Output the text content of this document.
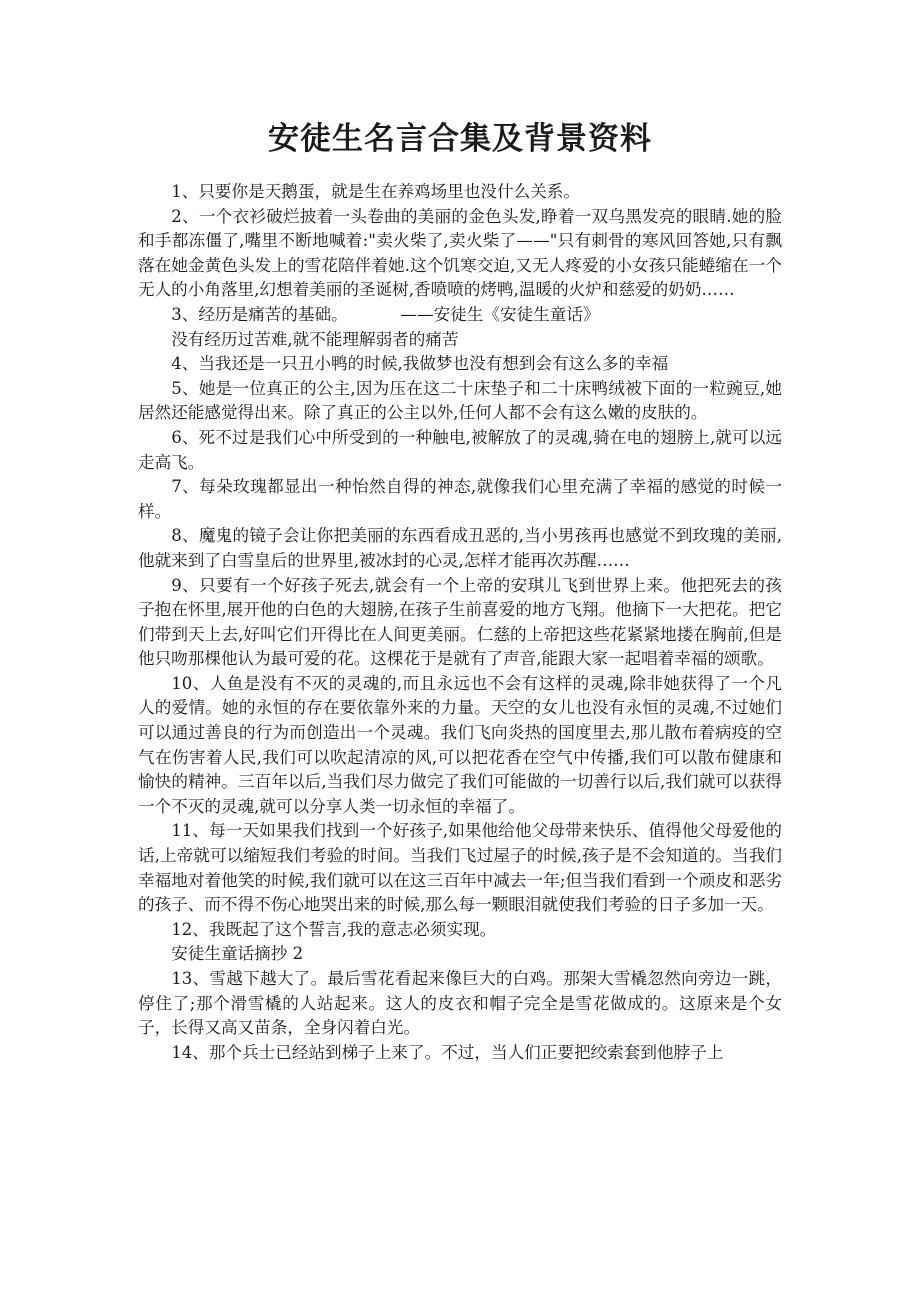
安徒生名言合集及背景资料

1、只要你是天鹅蛋，就是生在养鸡场里也没什么关系。

2、一个衣衫破烂披着一头卷曲的美丽的金色头发,睁着一双乌黑发亮的眼睛.她的脸和手都冻僵了,嘴里不断地喊着:"卖火柴了,卖火柴了——"只有刺骨的寒风回答她,只有飘落在她金黄色头发上的雪花陪伴着她.这个饥寒交迫,又无人疼爱的小女孩只能蜷缩在一个无人的小角落里,幻想着美丽的圣诞树,香喷喷的烤鸭,温暖的火炉和慈爱的奶奶……

3、经历是痛苦的基础。          ——安徒生《安徒生童话》

没有经历过苦难,就不能理解弱者的痛苦

4、当我还是一只丑小鸭的时候,我做梦也没有想到会有这么多的幸福

5、她是一位真正的公主,因为压在这二十床垫子和二十床鸭绒被下面的一粒豌豆,她居然还能感觉得出来。除了真正的公主以外,任何人都不会有这么嫩的皮肤的。

6、死不过是我们心中所受到的一种触电,被解放了的灵魂,骑在电的翅膀上,就可以远走高飞。

7、每朵玫瑰都显出一种怡然自得的神态,就像我们心里充满了幸福的感觉的时候一样。

8、魔鬼的镜子会让你把美丽的东西看成丑恶的,当小男孩再也感觉不到玫瑰的美丽,他就来到了白雪皇后的世界里,被冰封的心灵,怎样才能再次苏醒……

9、只要有一个好孩子死去,就会有一个上帝的安琪儿飞到世界上来。他把死去的孩子抱在怀里,展开他的白色的大翅膀,在孩子生前喜爱的地方飞翔。他摘下一大把花。把它们带到天上去,好叫它们开得比在人间更美丽。仁慈的上帝把这些花紧紧地搂在胸前,但是他只吻那棵他认为最可爱的花。这棵花于是就有了声音,能跟大家一起唱着幸福的颂歌。

10、人鱼是没有不灭的灵魂的,而且永远也不会有这样的灵魂,除非她获得了一个凡人的爱情。她的永恒的存在要依靠外来的力量。天空的女儿也没有永恒的灵魂,不过她们可以通过善良的行为而创造出一个灵魂。我们飞向炎热的国度里去,那儿散布着病疫的空气在伤害着人民,我们可以吹起清凉的风,可以把花香在空气中传播,我们可以散布健康和愉快的精神。三百年以后,当我们尽力做完了我们可能做的一切善行以后,我们就可以获得一个不灭的灵魂,就可以分享人类一切永恒的幸福了。

11、每一天如果我们找到一个好孩子,如果他给他父母带来快乐、值得他父母爱他的话,上帝就可以缩短我们考验的时间。当我们飞过屋子的时候,孩子是不会知道的。当我们幸福地对着他笑的时候,我们就可以在这三百年中减去一年;但当我们看到一个顽皮和恶劣的孩子、而不得不伤心地哭出来的时候,那么每一颗眼泪就使我们考验的日子多加一天。

12、我既起了这个誓言,我的意志必须实现。

安徒生童话摘抄 2

13、雪越下越大了。最后雪花看起来像巨大的白鸡。那架大雪橇忽然向旁边一跳，停住了;那个滑雪橇的人站起来。这人的皮衣和帽子完全是雪花做成的。这原来是个女子，长得又高又苗条，全身闪着白光。

14、那个兵士已经站到梯子上来了。不过，当人们正要把绞索套到他脖子上
